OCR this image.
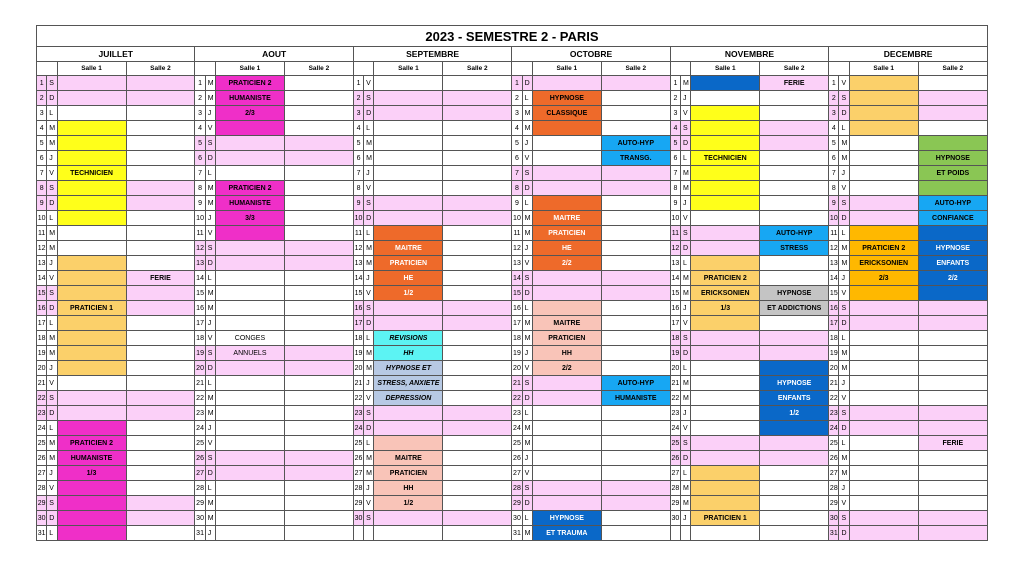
2023 - SEMESTRE 2 - PARIS																							
JUILLET				AOUT				SEPTEMBRE				OCTOBRE				NOVEMBRE				DECEMBRE			
		Salle 1	Salle 2			Salle 1	Salle 2			Salle 1	Salle 2			Salle 1	Salle 2			Salle 1	Salle 2			Salle 1	Salle 2
1	S			1	M	PRATICIEN 2		1	V			1	D			1	M		FERIE	1	V		
2	D			2	M	HUMANISTE		2	S			2	L	HYPNOSE		2	J			2	S		
3	L			3	J	2/3		3	D			3	M	CLASSIQUE		3	V			3	D		
4	M			4	V			4	L			4	M			4	S			4	L		
5	M			5	S			5	M			5	J		AUTO-HYP	5	D			5	M		
6	J			6	D			6	M			6	V		TRANSG.	6	L	TECHNICIEN		6	M		HYPNOSE
7	V	TECHNICIEN		7	L			7	J			7	S			7	M			7	J		ET POIDS
8	S			8	M	PRATICIEN 2		8	V			8	D			8	M			8	V		
9	D			9	M	HUMANISTE		9	S			9	L			9	J			9	S		AUTO-HYP
10	L			10	J	3/3		10	D			10	M	MAITRE		10	V			10	D		CONFIANCE
11	M			11	V			11	L			11	M	PRATICIEN		11	S		AUTO-HYP	11	L		
12	M			12	S			12	M	MAITRE		12	J	HE		12	D		STRESS	12	M	PRATICIEN 2	HYPNOSE
13	J			13	D			13	M	PRATICIEN		13	V	2/2		13	L			13	M	ERICKSONIEN	ENFANTS
14	V		FERIE	14	L			14	J	HE		14	S			14	M	PRATICIEN 2		14	J	2/3	2/2
15	S			15	M			15	V	1/2		15	D			15	M	ERICKSONIEN	HYPNOSE	15	V		
16	D	PRATICIEN 1		16	M			16	S			16	L			16	J	1/3	ET ADDICTIONS	16	S		
17	L			17	J			17	D			17	M	MAITRE		17	V			17	D		
18	M			18	V	CONGES		18	L	REVISIONS		18	M	PRATICIEN		18	S			18	L		
19	M			19	S	ANNUELS		19	M	HH		19	J	HH		19	D			19	M		
20	J			20	D			20	M	HYPNOSE ET		20	V	2/2		20	L			20	M		
21	V			21	L			21	J	STRESS, ANXIETE		21	S		AUTO-HYP	21	M		HYPNOSE	21	J		
22	S			22	M			22	V	DEPRESSION		22	D		HUMANISTE	22	M		ENFANTS	22	V		
23	D			23	M			23	S			23	L			23	J		1/2	23	S		
24	L			24	J			24	D			24	M			24	V			24	D		
25	M	PRATICIEN 2		25	V			25	L			25	M			25	S			25	L		FERIE
26	M	HUMANISTE		26	S			26	M	MAITRE		26	J			26	D			26	M		
27	J	1/3		27	D			27	M	PRATICIEN		27	V			27	L			27	M		
28	V			28	L			28	J	HH		28	S			28	M			28	J		
29	S			29	M			29	V	1/2		29	D			29	M			29	V		
30	D			30	M			30	S			30	L	HYPNOSE		30	J	PRATICIEN 1		30	S		
31	L			31	J							31	M	ET TRAUMA						31	D		
